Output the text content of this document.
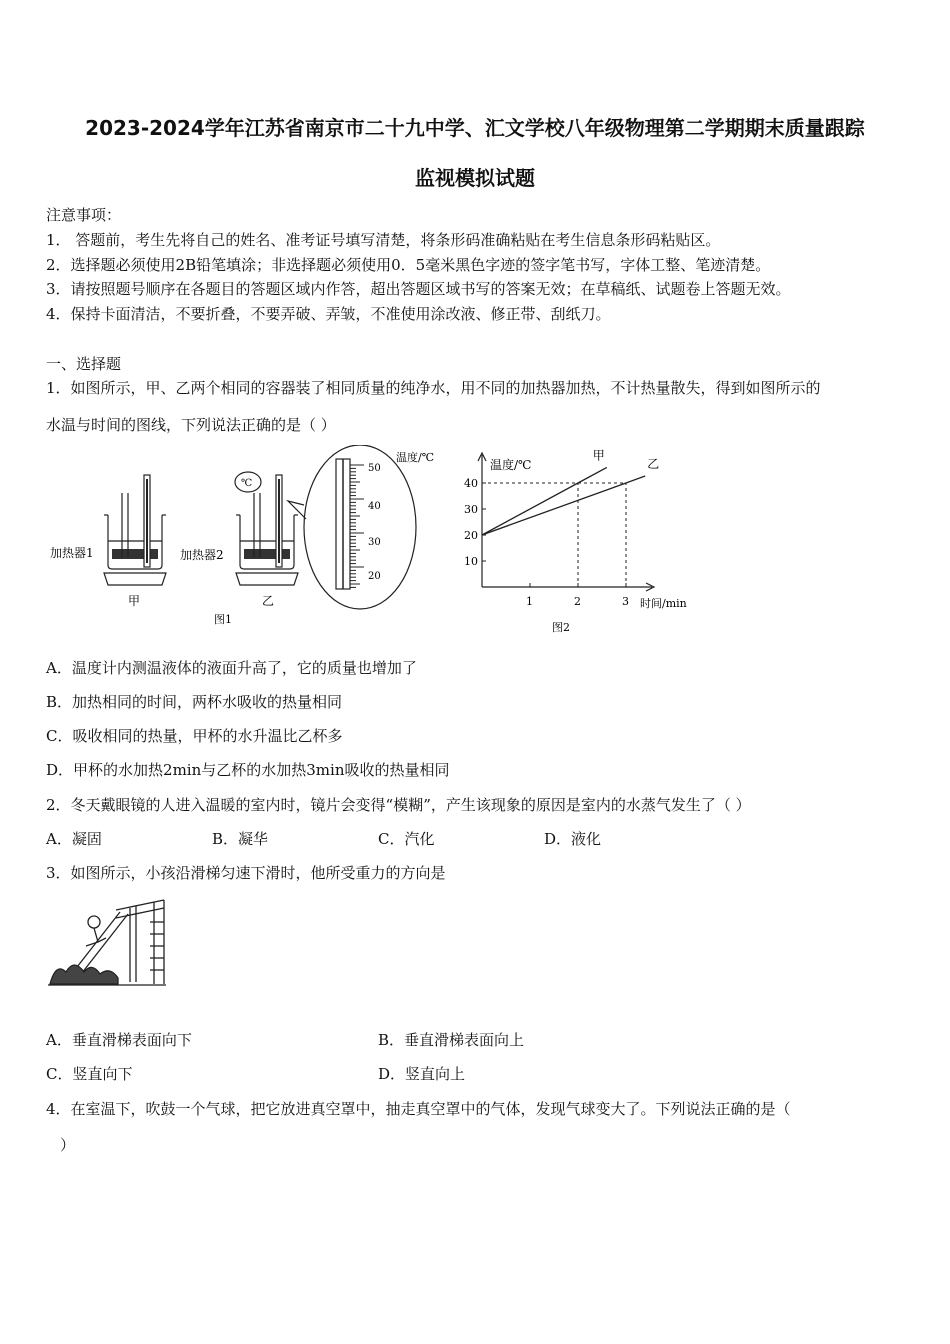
2023-2024学年江苏省南京市二十九中学、汇文学校八年级物理第二学期期末质量跟踪
监视模拟试题
注意事项：
1． 答题前，考生先将自己的姓名、准考证号填写清楚，将条形码准确粘贴在考生信息条形码粘贴区。
2．选择题必须使用2B铅笔填涂；非选择题必须使用0．5毫米黑色字迹的签字笔书写，字体工整、笔迹清楚。
3．请按照题号顺序在各题目的答题区域内作答，超出答题区域书写的答案无效；在草稿纸、试题卷上答题无效。
4．保持卡面清洁，不要折叠，不要弄破、弄皱，不准使用涂改液、修正带、刮纸刀。
一、选择题
1．如图所示，甲、乙两个相同的容器装了相同质量的纯净水，用不同的加热器加热，不计热量散失，得到如图所示的
水温与时间的图线，下列说法正确的是（ ）
加热器1
甲
℃
加热器2
乙
温度/℃
50
40
30
20
图1
10
20
30
40
1	2	3
甲
乙
温度/℃
时间/min
图2
A．温度计内测温液体的液面升高了，它的质量也增加了
B．加热相同的时间，两杯水吸收的热量相同
C．吸收相同的热量，甲杯的水升温比乙杯多
D．甲杯的水加热2min与乙杯的水加热3min吸收的热量相同
2．冬天戴眼镜的人进入温暖的室内时，镜片会变得“模糊”，产生该现象的原因是室内的水蒸气发生了（ ）
A．凝固	B．凝华	C．汽化	D．液化
3．如图所示，小孩沿滑梯匀速下滑时，他所受重力的方向是
A．垂直滑梯表面向下	B．垂直滑梯表面向上
C．竖直向下	D．竖直向上
4．在室温下，吹鼓一个气球，把它放进真空罩中，抽走真空罩中的气体，发现气球变大了。下列说法正确的是（
）
